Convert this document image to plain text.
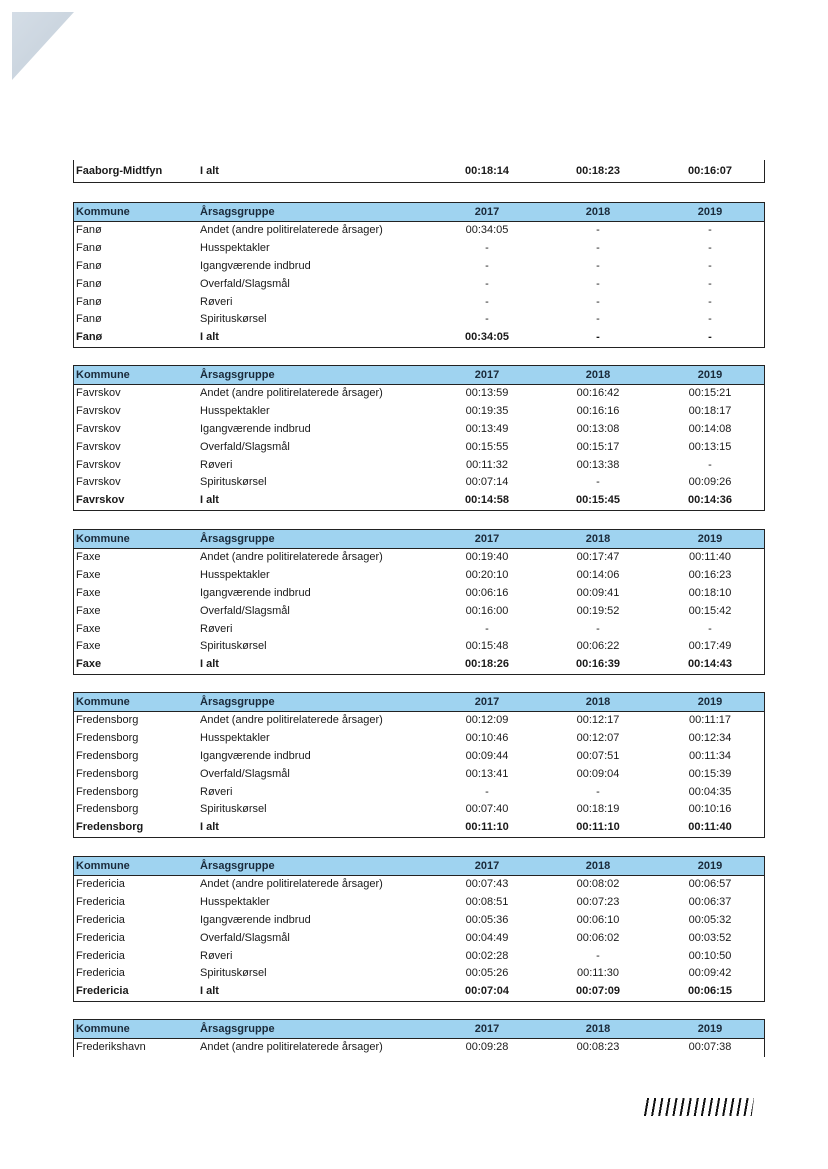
Faaborg-Midtfyn	I alt	00:18:14	00:18:23	00:16:07
Kommune	Årsagsgruppe	2017	2018	2019
Fanø	Andet (andre politirelaterede årsager)	00:34:05	-	-
Fanø	Husspektakler	-	-	-
Fanø	Igangværende indbrud	-	-	-
Fanø	Overfald/Slagsmål	-	-	-
Fanø	Røveri	-	-	-
Fanø	Spirituskørsel	-	-	-
Fanø	I alt	00:34:05	-	-
Kommune	Årsagsgruppe	2017	2018	2019
Favrskov	Andet (andre politirelaterede årsager)	00:13:59	00:16:42	00:15:21
Favrskov	Husspektakler	00:19:35	00:16:16	00:18:17
Favrskov	Igangværende indbrud	00:13:49	00:13:08	00:14:08
Favrskov	Overfald/Slagsmål	00:15:55	00:15:17	00:13:15
Favrskov	Røveri	00:11:32	00:13:38	-
Favrskov	Spirituskørsel	00:07:14	-	00:09:26
Favrskov	I alt	00:14:58	00:15:45	00:14:36
Kommune	Årsagsgruppe	2017	2018	2019
Faxe	Andet (andre politirelaterede årsager)	00:19:40	00:17:47	00:11:40
Faxe	Husspektakler	00:20:10	00:14:06	00:16:23
Faxe	Igangværende indbrud	00:06:16	00:09:41	00:18:10
Faxe	Overfald/Slagsmål	00:16:00	00:19:52	00:15:42
Faxe	Røveri	-	-	-
Faxe	Spirituskørsel	00:15:48	00:06:22	00:17:49
Faxe	I alt	00:18:26	00:16:39	00:14:43
Kommune	Årsagsgruppe	2017	2018	2019
Fredensborg	Andet (andre politirelaterede årsager)	00:12:09	00:12:17	00:11:17
Fredensborg	Husspektakler	00:10:46	00:12:07	00:12:34
Fredensborg	Igangværende indbrud	00:09:44	00:07:51	00:11:34
Fredensborg	Overfald/Slagsmål	00:13:41	00:09:04	00:15:39
Fredensborg	Røveri	-	-	00:04:35
Fredensborg	Spirituskørsel	00:07:40	00:18:19	00:10:16
Fredensborg	I alt	00:11:10	00:11:10	00:11:40
Kommune	Årsagsgruppe	2017	2018	2019
Fredericia	Andet (andre politirelaterede årsager)	00:07:43	00:08:02	00:06:57
Fredericia	Husspektakler	00:08:51	00:07:23	00:06:37
Fredericia	Igangværende indbrud	00:05:36	00:06:10	00:05:32
Fredericia	Overfald/Slagsmål	00:04:49	00:06:02	00:03:52
Fredericia	Røveri	00:02:28	-	00:10:50
Fredericia	Spirituskørsel	00:05:26	00:11:30	00:09:42
Fredericia	I alt	00:07:04	00:07:09	00:06:15
Kommune	Årsagsgruppe	2017	2018	2019
Frederikshavn	Andet (andre politirelaterede årsager)	00:09:28	00:08:23	00:07:38
